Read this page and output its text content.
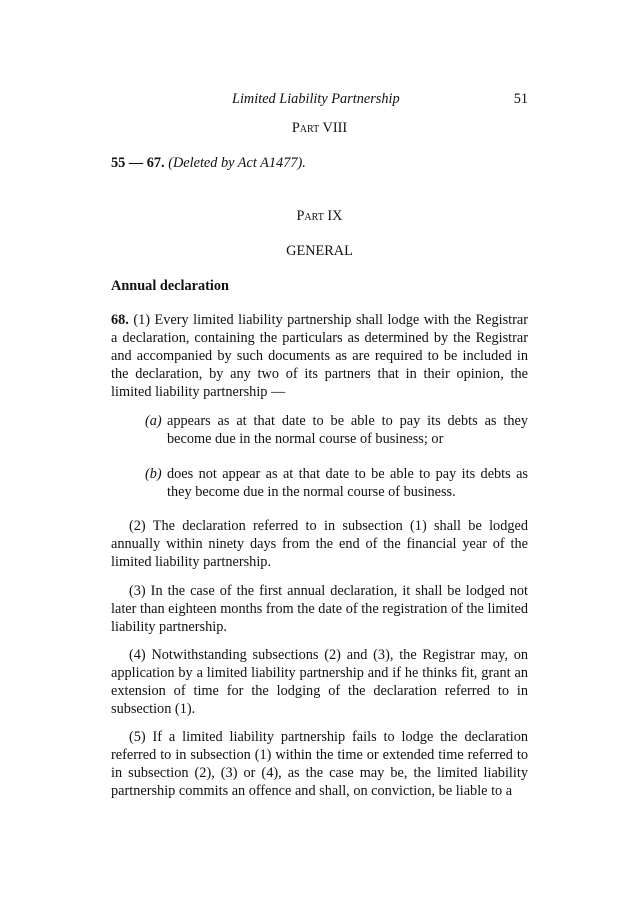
Limited Liability Partnership	51
Part VIII
55 — 67. (Deleted by Act A1477).
Part IX
GENERAL
Annual declaration
68. (1) Every limited liability partnership shall lodge with the Registrar a declaration, containing the particulars as determined by the Registrar and accompanied by such documents as are required to be included in the declaration, by any two of its partners that in their opinion, the limited liability partnership —
(a) appears as at that date to be able to pay its debts as they become due in the normal course of business; or
(b) does not appear as at that date to be able to pay its debts as they become due in the normal course of business.
(2) The declaration referred to in subsection (1) shall be lodged annually within ninety days from the end of the financial year of the limited liability partnership.
(3) In the case of the first annual declaration, it shall be lodged not later than eighteen months from the date of the registration of the limited liability partnership.
(4) Notwithstanding subsections (2) and (3), the Registrar may, on application by a limited liability partnership and if he thinks fit, grant an extension of time for the lodging of the declaration referred to in subsection (1).
(5) If a limited liability partnership fails to lodge the declaration referred to in subsection (1) within the time or extended time referred to in subsection (2), (3) or (4), as the case may be, the limited liability partnership commits an offence and shall, on conviction, be liable to a
